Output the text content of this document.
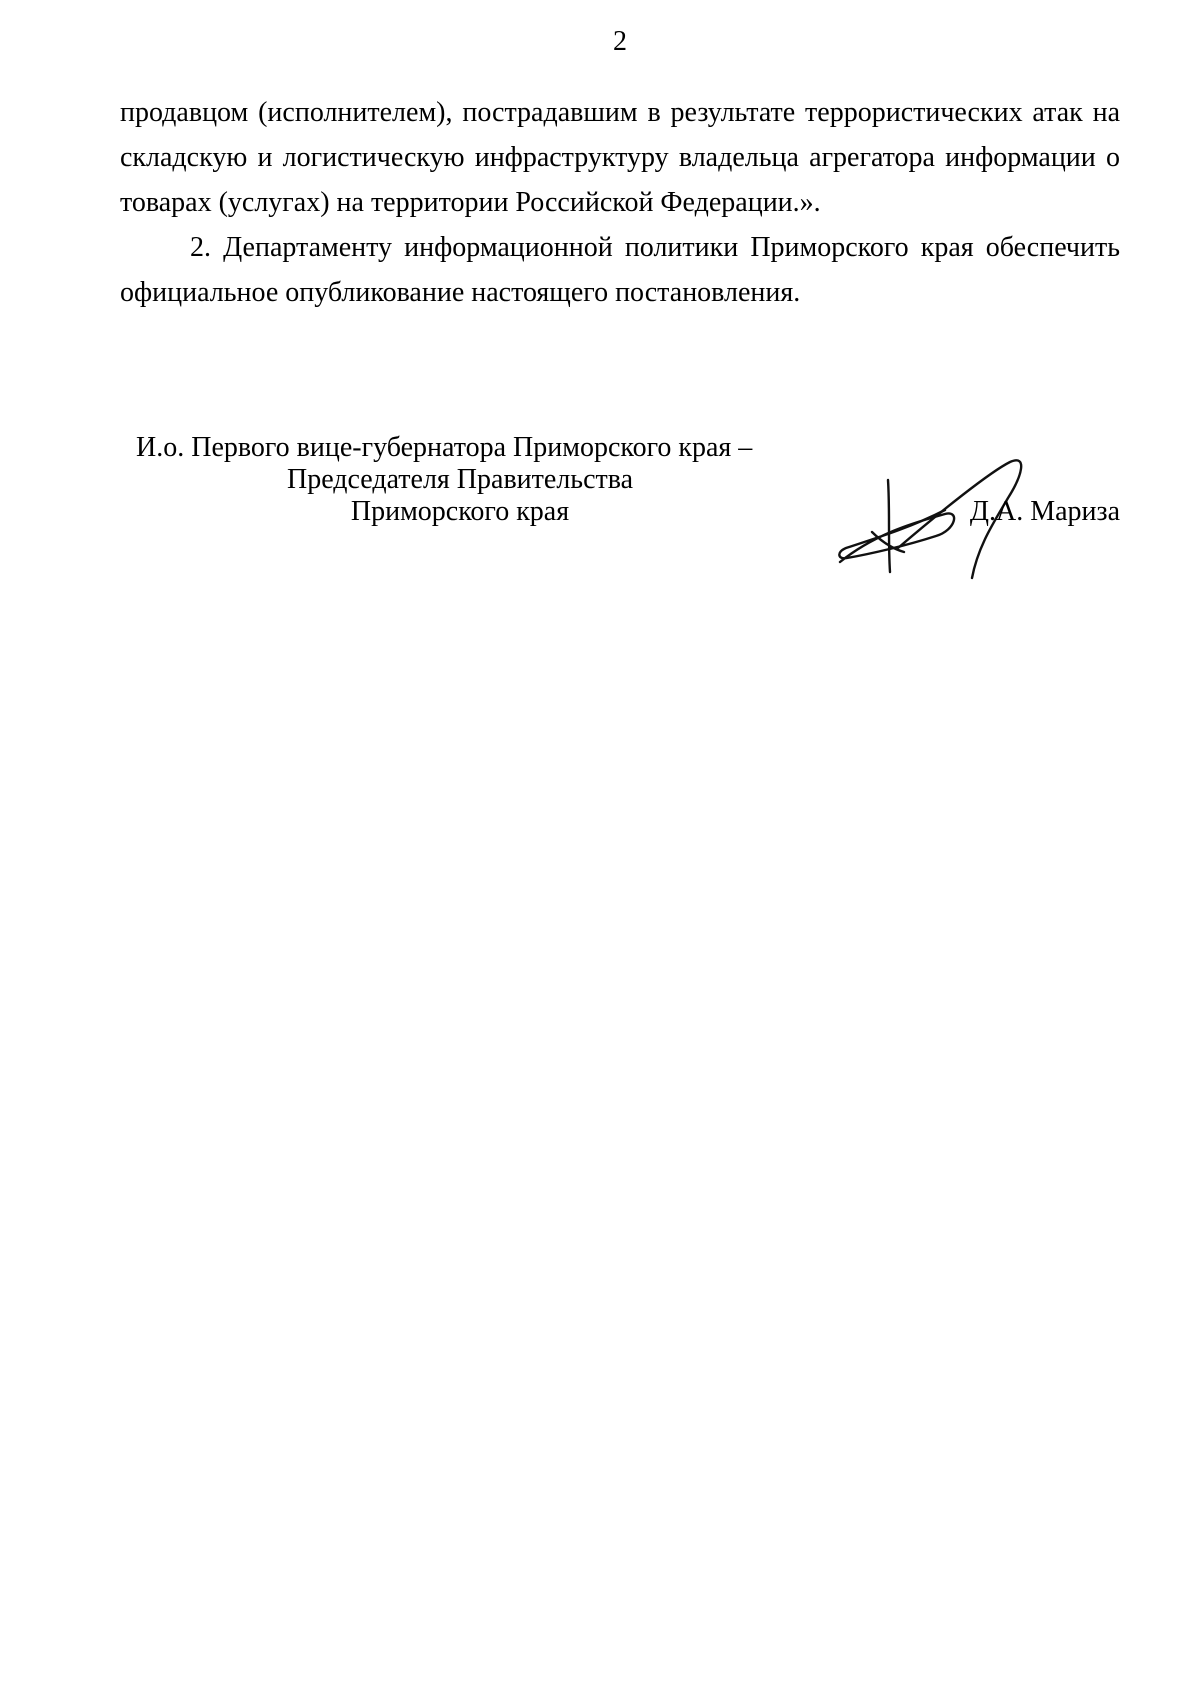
2

продавцом (исполнителем), пострадавшим в результате террористических атак на складскую и логистическую инфраструктуру владельца агрегатора информации о товарах (услугах) на территории Российской Федерации.».

2. Департаменту информационной политики Приморского края обеспечить официальное опубликование настоящего постановления.

И.о. Первого вице-губернатора Приморского края –
Председателя Правительства
Приморского края	Д.А. Мариза
